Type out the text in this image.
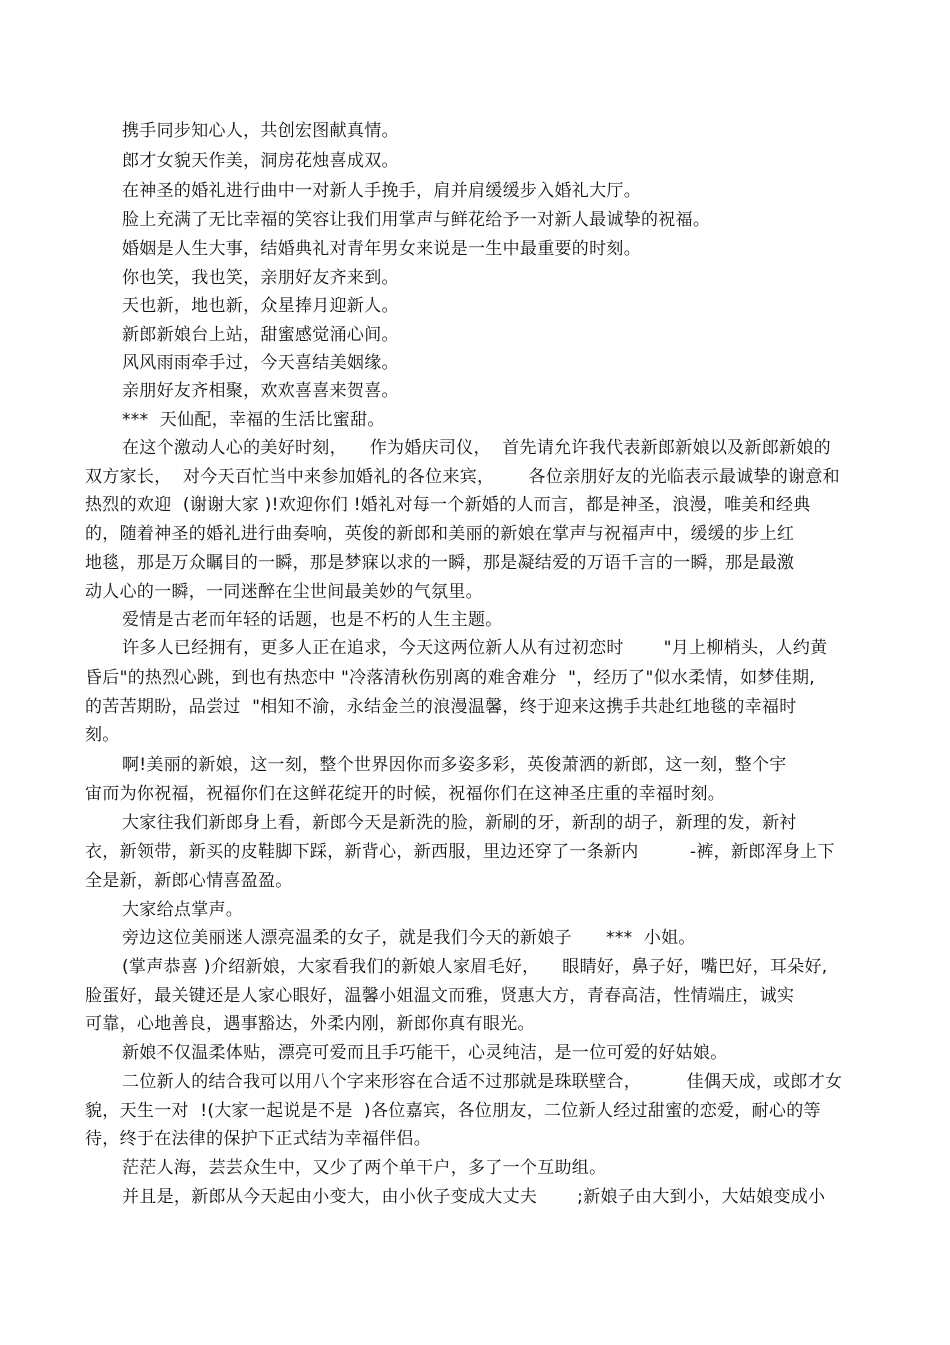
携手同步知心人，共创宏图献真情。
郎才女貌天作美，洞房花烛喜成双。
在神圣的婚礼进行曲中一对新人手挽手，肩并肩缓缓步入婚礼大厅。
脸上充满了无比幸福的笑容让我们用掌声与鲜花给予一对新人最诚挚的祝福。
婚姻是人生大事，结婚典礼对青年男女来说是一生中最重要的时刻。
你也笑，我也笑，亲朋好友齐来到。
天也新，地也新，众星捧月迎新人。
新郎新娘台上站，甜蜜感觉涌心间。
风风雨雨牵手过，今天喜结美姻缘。
亲朋好友齐相聚，欢欢喜喜来贺喜。
***  天仙配，幸福的生活比蜜甜。
在这个激动人心的美好时刻，    作为婚庆司仪，  首先请允许我代表新郎新娘以及新郎新娘的
双方家长，  对今天百忙当中来参加婚礼的各位来宾，      各位亲朋好友的光临表示最诚挚的谢意和
热烈的欢迎  (谢谢大家 )!欢迎你们 !婚礼对每一个新婚的人而言，都是神圣，浪漫，唯美和经典
的，随着神圣的婚礼进行曲奏响，英俊的新郎和美丽的新娘在掌声与祝福声中，缓缓的步上红
地毯，那是万众瞩目的一瞬，那是梦寐以求的一瞬，那是凝结爱的万语千言的一瞬，那是最激
动人心的一瞬，一同迷醉在尘世间最美妙的气氛里。
爱情是古老而年轻的话题，也是不朽的人生主题。
许多人已经拥有，更多人正在追求，今天这两位新人从有过初恋时       "月上柳梢头，人约黄
昏后"的热烈心跳，到也有热恋中 "冷落清秋伤别离的难舍难分  "，经历了"似水柔情，如梦佳期,
的苦苦期盼，品尝过  "相知不渝，永结金兰的浪漫温馨，终于迎来这携手共赴红地毯的幸福时
刻。
啊!美丽的新娘，这一刻，整个世界因你而多姿多彩，英俊萧洒的新郎，这一刻，整个宇
宙而为你祝福，祝福你们在这鲜花绽开的时候，祝福你们在这神圣庄重的幸福时刻。
大家往我们新郎身上看，新郎今天是新洗的脸，新刷的牙，新刮的胡子，新理的发，新衬
衣，新领带，新买的皮鞋脚下踩，新背心，新西服，里边还穿了一条新内         -裤，新郎浑身上下
全是新，新郎心情喜盈盈。
大家给点掌声。
旁边这位美丽迷人漂亮温柔的女子，就是我们今天的新娘子      ***  小姐。
(掌声恭喜 )介绍新娘，大家看我们的新娘人家眉毛好，    眼睛好，鼻子好，嘴巴好，耳朵好,
脸蛋好，最关键还是人家心眼好，温馨小姐温文而雅，贤惠大方，青春高洁，性情端庄，诚实
可靠，心地善良，遇事豁达，外柔内刚，新郎你真有眼光。
新娘不仅温柔体贴，漂亮可爱而且手巧能干，心灵纯洁，是一位可爱的好姑娘。
二位新人的结合我可以用八个字来形容在合适不过那就是珠联壁合，        佳偶天成，或郎才女
貌，天生一对  !(大家一起说是不是  )各位嘉宾，各位朋友，二位新人经过甜蜜的恋爱，耐心的等
待，终于在法律的保护下正式结为幸福伴侣。
茫茫人海，芸芸众生中，又少了两个单干户，多了一个互助组。
并且是，新郎从今天起由小变大，由小伙子变成大丈夫       ;新娘子由大到小，大姑娘变成小
